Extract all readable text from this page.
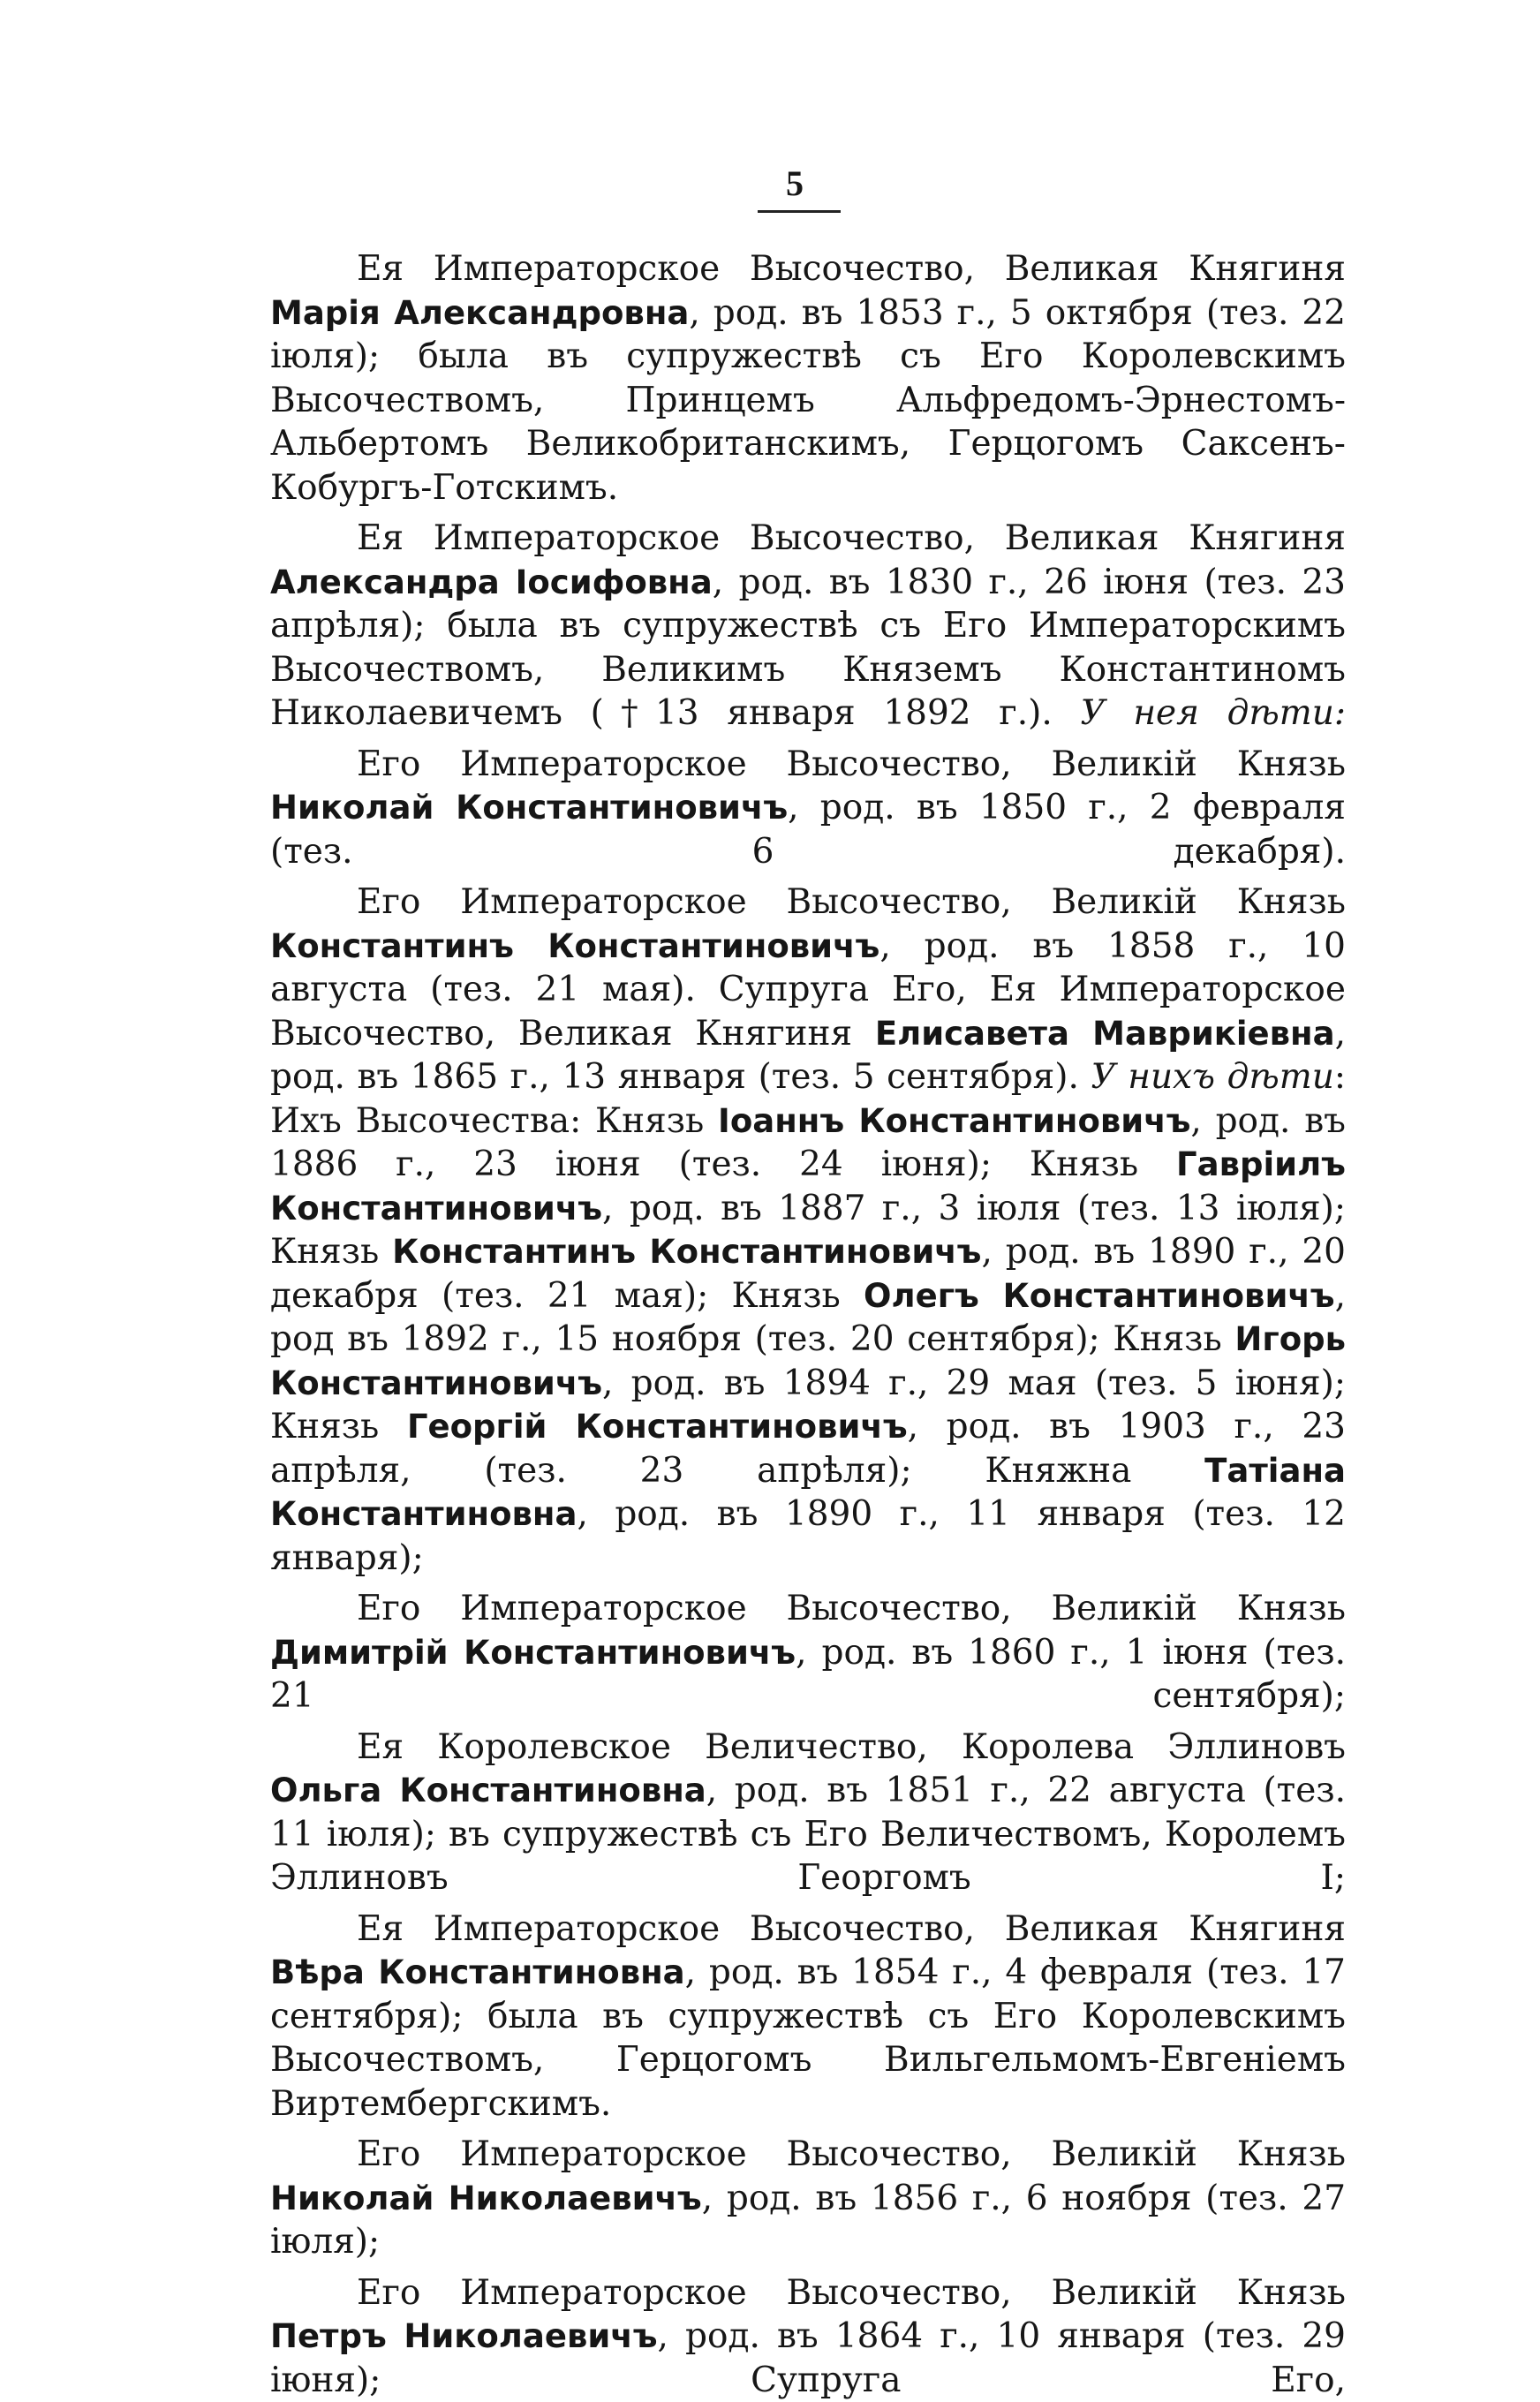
5

Ея Императорское Высочество, Великая Княгиня Марія Александровна, род. въ 1853 г., 5 октября (тез. 22 іюля); была въ супружествѣ съ Его Королевскимъ Высочествомъ, Принцемъ Альфредомъ-Эрнестомъ-Альбертомъ Великобританскимъ, Герцогомъ Саксенъ-Кобургъ-Готскимъ.

Ея Императорское Высочество, Великая Княгиня Александра Іосифовна, род. въ 1830 г., 26 іюня (тез. 23 апрѣля); была въ супружествѣ съ Его Императорскимъ Высочествомъ, Великимъ Княземъ Константиномъ Николаевичемъ (†13 января 1892 г.). У нея дѣти:

Его Императорское Высочество, Великій Князь Николай Константиновичъ, род. въ 1850 г., 2 февраля (тез. 6 декабря).

Его Императорское Высочество, Великій Князь Константинъ Константиновичъ, род. въ 1858 г., 10 августа (тез. 21 мая). Супруга Его, Ея Императорское Высочество, Великая Княгиня Елисавета Маврикіевна, род. въ 1865 г., 13 января (тез. 5 сентября). У нихъ дѣти: Ихъ Высочества: Князь Іоаннъ Константиновичъ, род. въ 1886 г., 23 іюня (тез. 24 іюня); Князь Гавріилъ Константиновичъ, род. въ 1887 г., 3 іюля (тез. 13 іюля); Князь Константинъ Константиновичъ, род. въ 1890 г., 20 декабря (тез. 21 мая); Князь Олегъ Константиновичъ, род въ 1892 г., 15 ноября (тез. 20 сентября); Князь Игорь Константиновичъ, род. въ 1894 г., 29 мая (тез. 5 іюня); Князь Георгій Константиновичъ, род. въ 1903 г., 23 апрѣля, (тез. 23 апрѣля); Княжна Татіана Константиновна, род. въ 1890 г., 11 января (тез. 12 января);

Его Императорское Высочество, Великій Князь Димитрій Константиновичъ, род. въ 1860 г., 1 іюня (тез. 21 сентября);

Ея Королевское Величество, Королева Эллиновъ Ольга Константиновна, род. въ 1851 г., 22 августа (тез. 11 іюля); въ супружествѣ съ Его Величествомъ, Королемъ Эллиновъ Георгомъ I;

Ея Императорское Высочество, Великая Княгиня Вѣра Константиновна, род. въ 1854 г., 4 февраля (тез. 17 сентября); была въ супружествѣ съ Его Королевскимъ Высочествомъ, Герцогомъ Вильгельмомъ-Евгеніемъ Виртембергскимъ.

Его Императорское Высочество, Великій Князь Николай Николаевичъ, род. въ 1856 г., 6 ноября (тез. 27 іюля);

Его Императорское Высочество, Великій Князь Петръ Николаевичъ, род. въ 1864 г., 10 января (тез. 29 іюня); Супруга Его,
